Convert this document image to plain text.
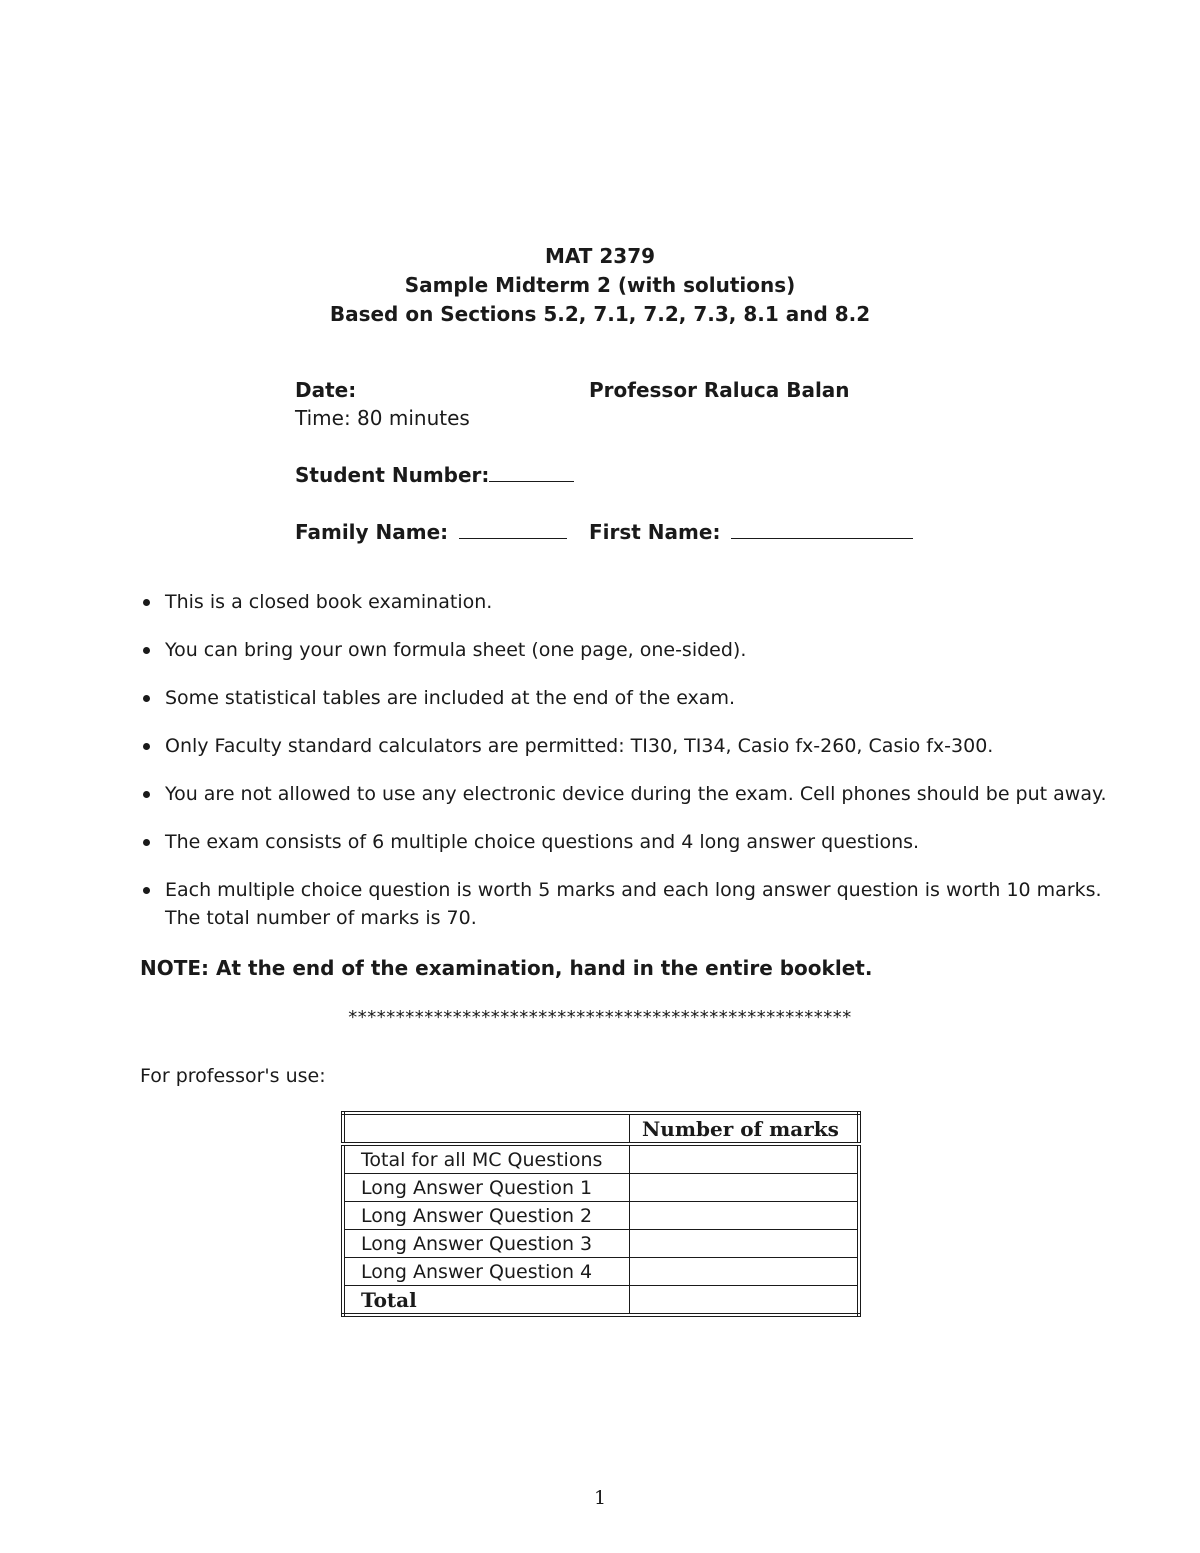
MAT 2379
Sample Midterm 2 (with solutions)
Based on Sections 5.2, 7.1, 7.2, 7.3, 8.1 and 8.2
Date:	Professor Raluca Balan
Time: 80 minutes
Student Number:
Family Name:	First Name:
This is a closed book examination.
You can bring your own formula sheet (one page, one-sided).
Some statistical tables are included at the end of the exam.
Only Faculty standard calculators are permitted: TI30, TI34, Casio fx-260, Casio fx-300.
You are not allowed to use any electronic device during the exam. Cell phones should be put away.
The exam consists of 6 multiple choice questions and 4 long answer questions.
Each multiple choice question is worth 5 marks and each long answer question is worth 10 marks.
The total number of marks is 70.
NOTE: At the end of the examination, hand in the entire booklet.
*****************************************************
For professor's use:
	Number of marks
Total for all MC Questions	
Long Answer Question 1	
Long Answer Question 2	
Long Answer Question 3	
Long Answer Question 4	
Total	
1
